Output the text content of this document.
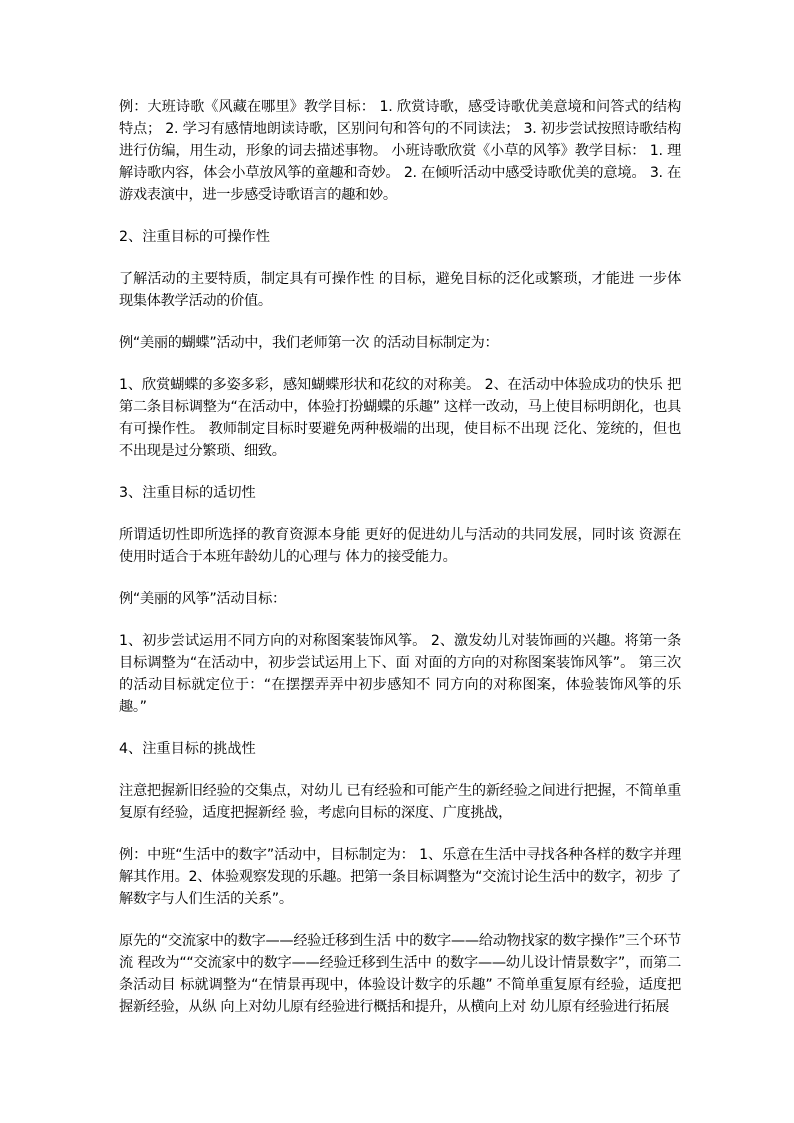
例：大班诗歌《风藏在哪里》教学目标： 1. 欣赏诗歌，感受诗歌优美意境和问答式的结构特点； 2. 学习有感情地朗读诗歌，区别问句和答句的不同读法； 3. 初步尝试按照诗歌结构进行仿编，用生动，形象的词去描述事物。 小班诗歌欣赏《小草的风筝》教学目标： 1. 理解诗歌内容，体会小草放风筝的童趣和奇妙。 2. 在倾听活动中感受诗歌优美的意境。 3. 在游戏表演中，进一步感受诗歌语言的趣和妙。

2、注重目标的可操作性

了解活动的主要特质，制定具有可操作性 的目标，避免目标的泛化或繁琐，才能进 一步体现集体教学活动的价值。

例“美丽的蝴蝶”活动中，我们老师第一次 的活动目标制定为：

1、欣赏蝴蝶的多姿多彩，感知蝴蝶形状和花纹的对称美。 2、在活动中体验成功的快乐 把第二条目标调整为“在活动中，体验打扮蝴蝶的乐趣” 这样一改动，马上使目标明朗化，也具有可操作性。 教师制定目标时要避免两种极端的出现，使目标不出现 泛化、笼统的，但也不出现是过分繁琐、细致。

3、注重目标的适切性

所谓适切性即所选择的教育资源本身能 更好的促进幼儿与活动的共同发展，同时该 资源在使用时适合于本班年龄幼儿的心理与 体力的接受能力。

例“美丽的风筝”活动目标：

1、初步尝试运用不同方向的对称图案装饰风筝。 2、激发幼儿对装饰画的兴趣。将第一条目标调整为“在活动中，初步尝试运用上下、面 对面的方向的对称图案装饰风筝”。 第三次的活动目标就定位于：“在摆摆弄弄中初步感知不 同方向的对称图案，体验装饰风筝的乐趣。”

4、注重目标的挑战性

注意把握新旧经验的交集点，对幼儿 已有经验和可能产生的新经验之间进行把握，不简单重复原有经验，适度把握新经 验，考虑向目标的深度、广度挑战，

例：中班“生活中的数字”活动中，目标制定为： 1、乐意在生活中寻找各种各样的数字并理解其作用。2、体验观察发现的乐趣。把第一条目标调整为“交流讨论生活中的数字，初步 了解数字与人们生活的关系”。

原先的“交流家中的数字——经验迁移到生活 中的数字——给动物找家的数字操作”三个环节流 程改为““交流家中的数字——经验迁移到生活中 的数字——幼儿设计情景数字”，而第二条活动目 标就调整为“在情景再现中，体验设计数字的乐趣” 不简单重复原有经验，适度把握新经验，从纵 向上对幼儿原有经验进行概括和提升，从横向上对 幼儿原有经验进行拓展
